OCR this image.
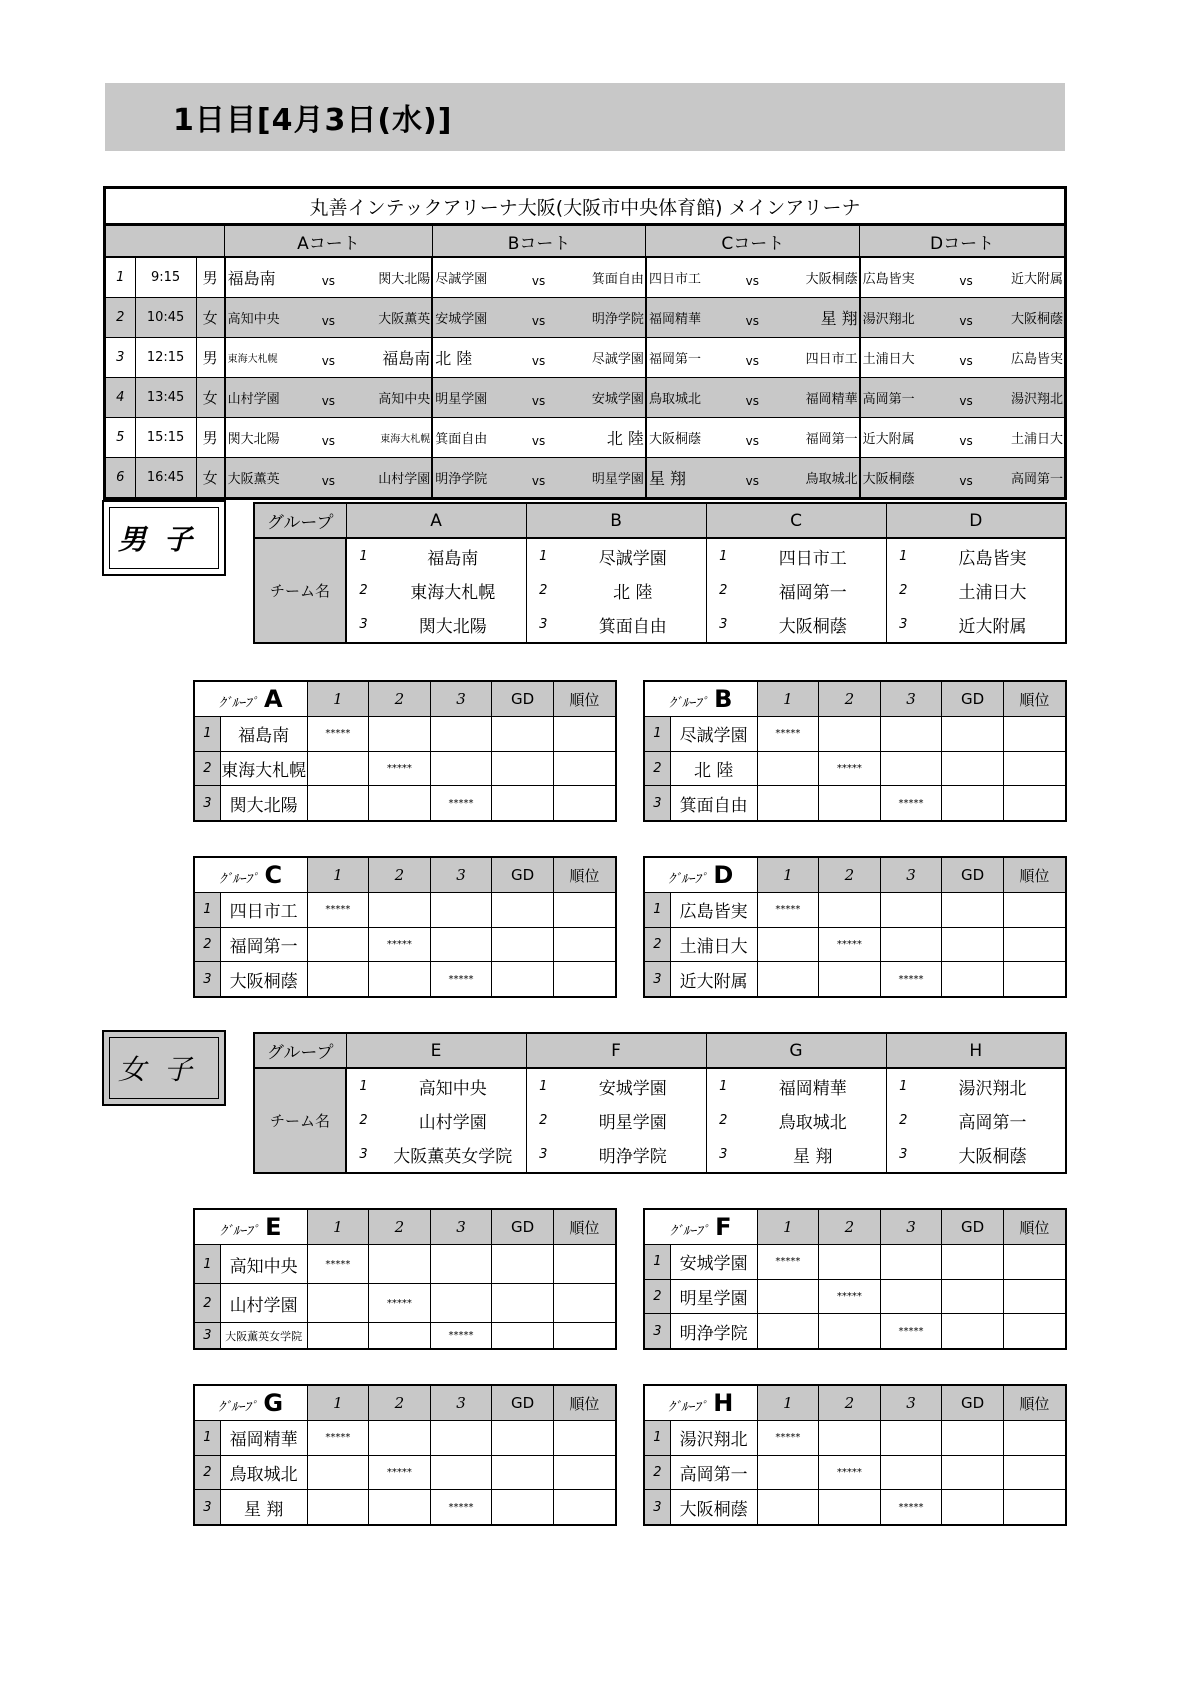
1日目[4月3日(水)]
丸善インテックアリーナ大阪(大阪市中央体育館) メインアリーナ														
			Aコート			Bコート			Cコート			Dコート		
1	9:15	男	福島南	vs	関大北陽	尽誠学園	vs	箕面自由	四日市工	vs	大阪桐蔭	広島皆実	vs	近大附属
2	10:45	女	高知中央	vs	大阪薫英	安城学園	vs	明浄学院	福岡精華	vs	星 翔	湯沢翔北	vs	大阪桐蔭
3	12:15	男	東海大札幌	vs	福島南	北 陸	vs	尽誠学園	福岡第一	vs	四日市工	土浦日大	vs	広島皆実
4	13:45	女	山村学園	vs	高知中央	明星学園	vs	安城学園	鳥取城北	vs	福岡精華	高岡第一	vs	湯沢翔北
5	15:15	男	関大北陽	vs	東海大札幌	箕面自由	vs	北 陸	大阪桐蔭	vs	福岡第一	近大附属	vs	土浦日大
6	16:45	女	大阪薫英	vs	山村学園	明浄学院	vs	明星学園	星 翔	vs	鳥取城北	大阪桐蔭	vs	高岡第一
男子	グループ	A		B		C		D	
チーム名	1	福島南	1	尽誠学園	1	四日市工	1	広島皆実
	2	東海大札幌	2	北 陸	2	福岡第一	2	土浦日大
	3	関大北陽	3	箕面自由	3	大阪桐蔭	3	近大附属
ｸﾞﾙｰﾌﾟ A		1	2	3	GD	順位
1	福島南	*****				
2	東海大札幌		*****			
3	関大北陽			*****		
ｸﾞﾙｰﾌﾟ B		1	2	3	GD	順位
1	尽誠学園	*****				
2	北 陸		*****			
3	箕面自由			*****		
ｸﾞﾙｰﾌﾟ C		1	2	3	GD	順位
1	四日市工	*****				
2	福岡第一		*****			
3	大阪桐蔭			*****		
ｸﾞﾙｰﾌﾟ D		1	2	3	GD	順位
1	広島皆実	*****				
2	土浦日大		*****			
3	近大附属			*****		
女子	グループ	E		F		G		H	
チーム名	1	高知中央	1	安城学園	1	福岡精華	1	湯沢翔北
	2	山村学園	2	明星学園	2	鳥取城北	2	高岡第一
	3	大阪薫英女学院	3	明浄学院	3	星 翔	3	大阪桐蔭
ｸﾞﾙｰﾌﾟ E		1	2	3	GD	順位
1	高知中央	*****				
2	山村学園		*****			
3	大阪薫英女学院			*****		
ｸﾞﾙｰﾌﾟ F		1	2	3	GD	順位
1	安城学園	*****				
2	明星学園		*****			
3	明浄学院			*****		
ｸﾞﾙｰﾌﾟ G		1	2	3	GD	順位
1	福岡精華	*****				
2	鳥取城北		*****			
3	星 翔			*****		
ｸﾞﾙｰﾌﾟ H		1	2	3	GD	順位
1	湯沢翔北	*****				
2	高岡第一		*****			
3	大阪桐蔭			*****		
